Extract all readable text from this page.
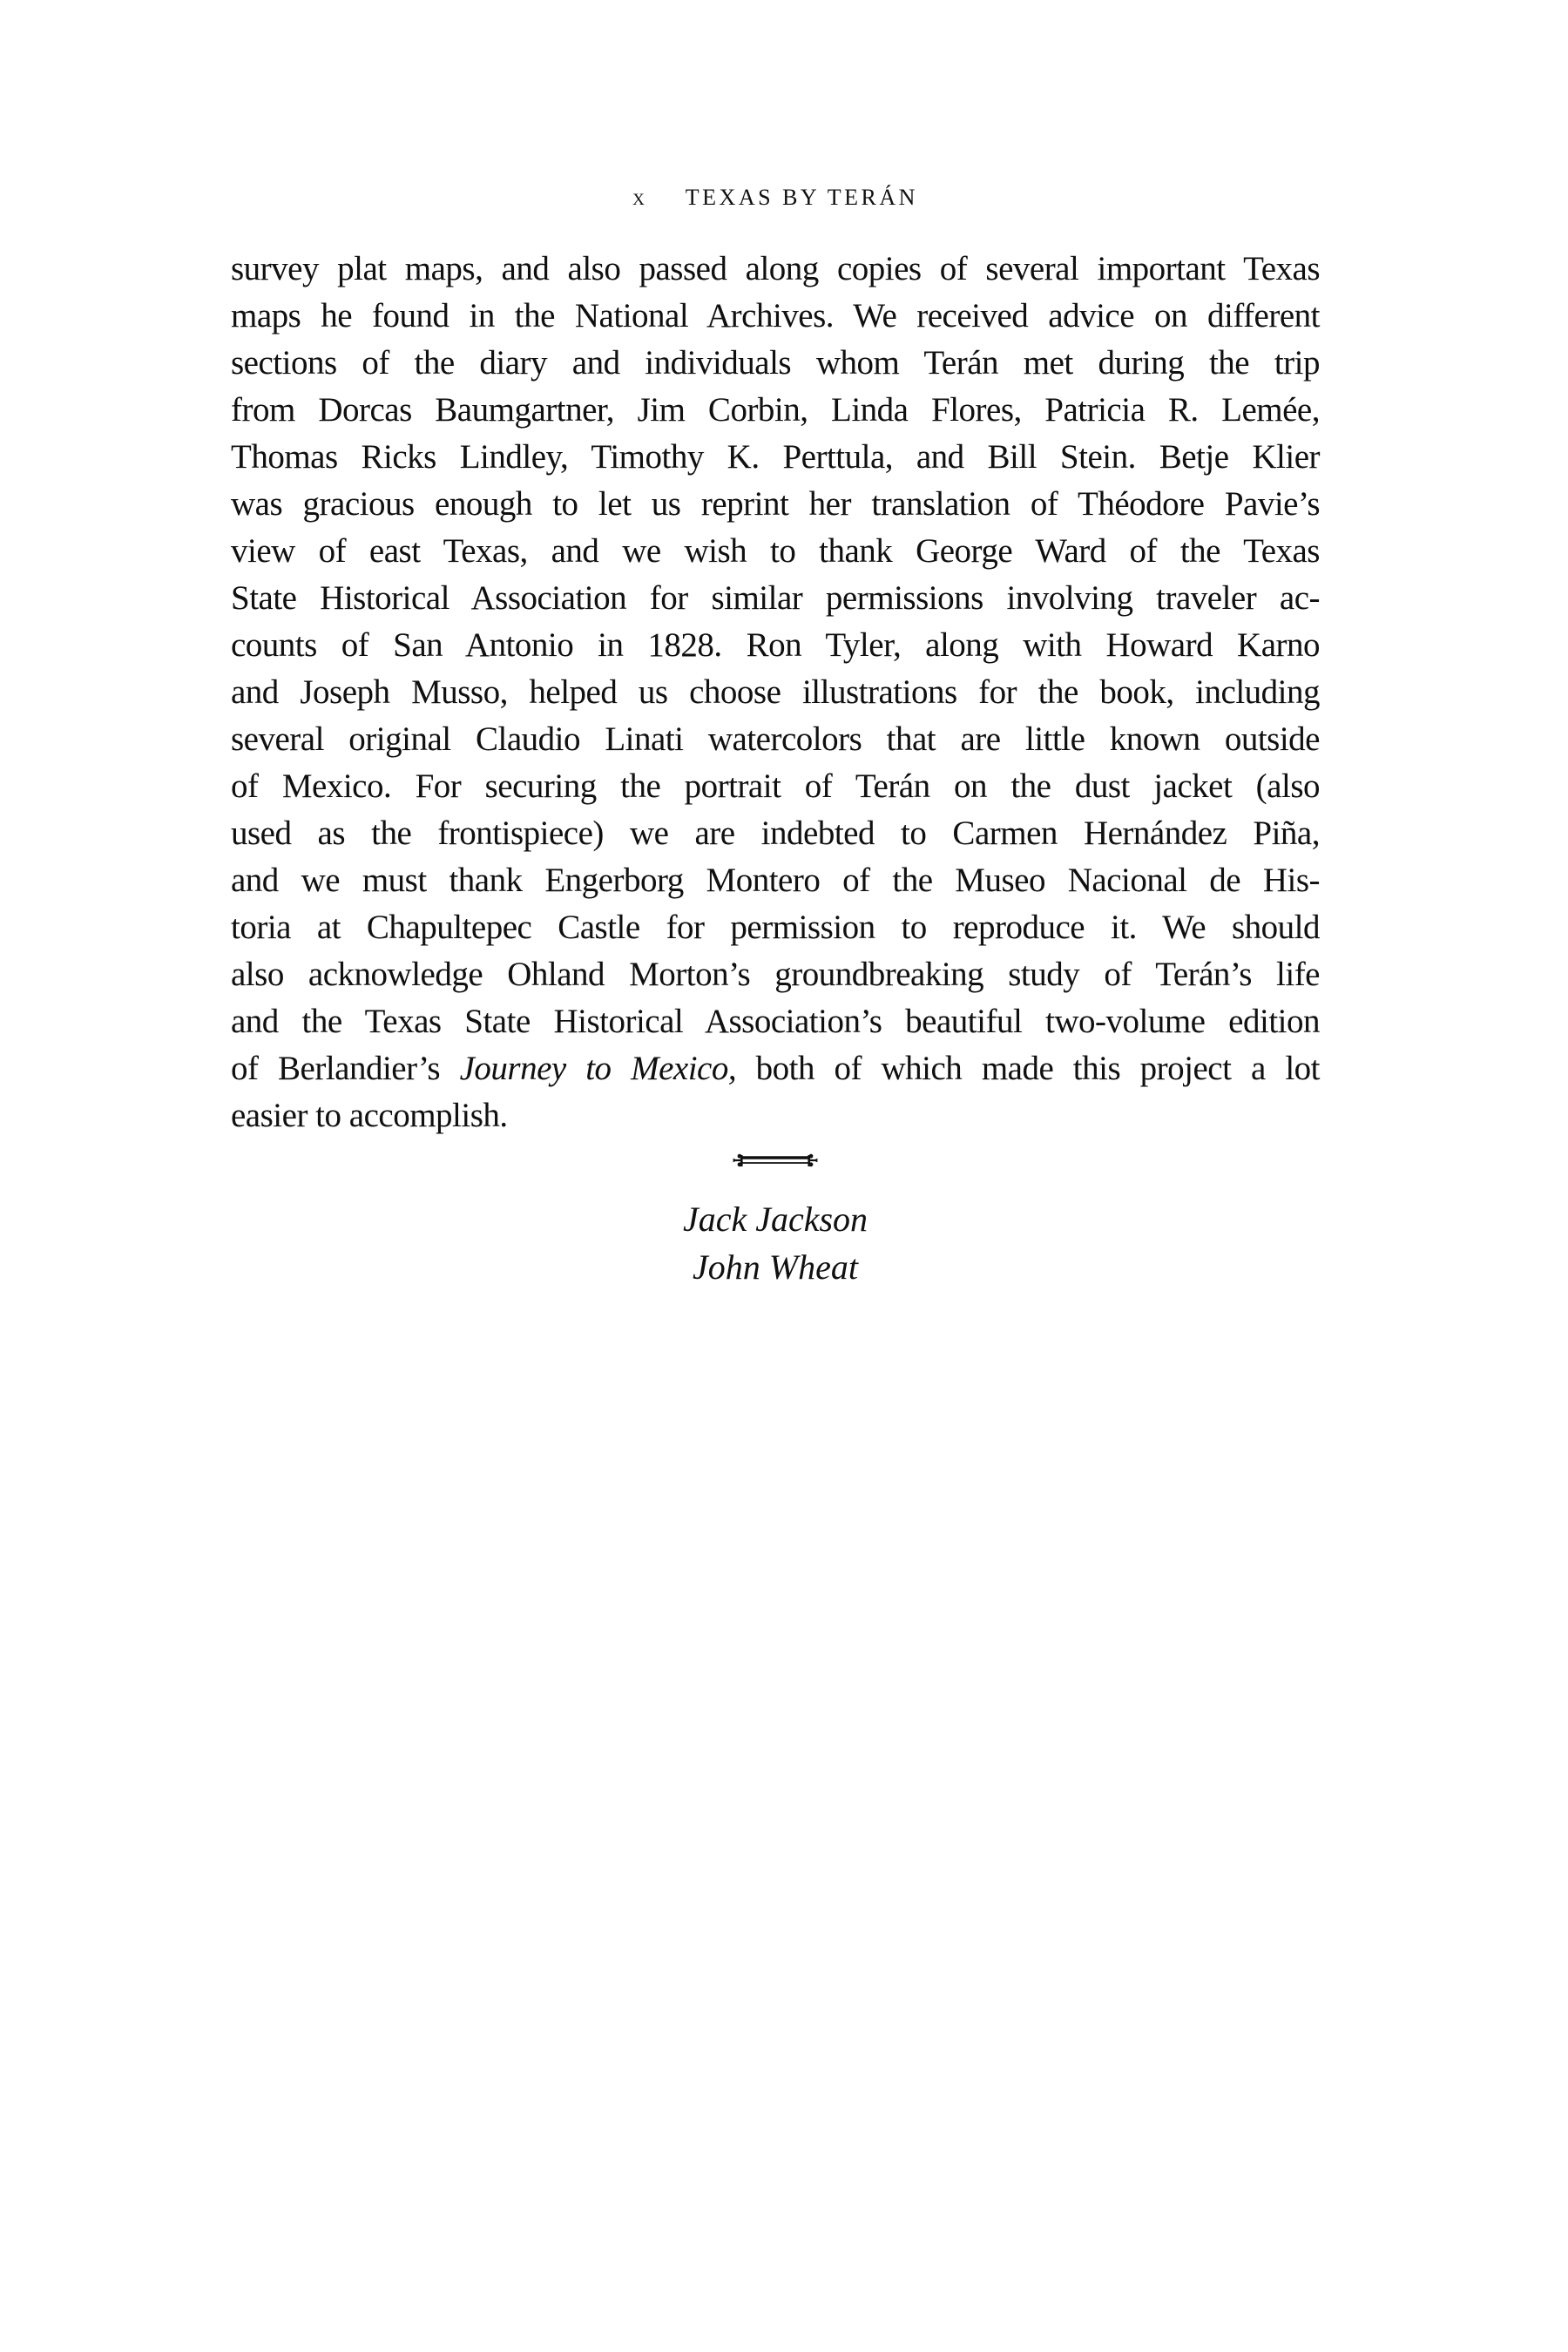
x TEXAS BY TERÁN
survey plat maps, and also passed along copies of several important Texas
maps he found in the National Archives. We received advice on different
sections of the diary and individuals whom Terán met during the trip
from Dorcas Baumgartner, Jim Corbin, Linda Flores, Patricia R. Lemée,
Thomas Ricks Lindley, Timothy K. Perttula, and Bill Stein. Betje Klier
was gracious enough to let us reprint her translation of Théodore Pavie’s
view of east Texas, and we wish to thank George Ward of the Texas
State Historical Association for similar permissions involving traveler ac-
counts of San Antonio in 1828. Ron Tyler, along with Howard Karno
and Joseph Musso, helped us choose illustrations for the book, including
several original Claudio Linati watercolors that are little known outside
of Mexico. For securing the portrait of Terán on the dust jacket (also
used as the frontispiece) we are indebted to Carmen Hernández Piña,
and we must thank Engerborg Montero of the Museo Nacional de His-
toria at Chapultepec Castle for permission to reproduce it. We should
also acknowledge Ohland Morton’s groundbreaking study of Terán’s life
and the Texas State Historical Association’s beautiful two-volume edition
of Berlandier’s Journey to Mexico, both of which made this project a lot
easier to accomplish.
Jack Jackson
John Wheat
